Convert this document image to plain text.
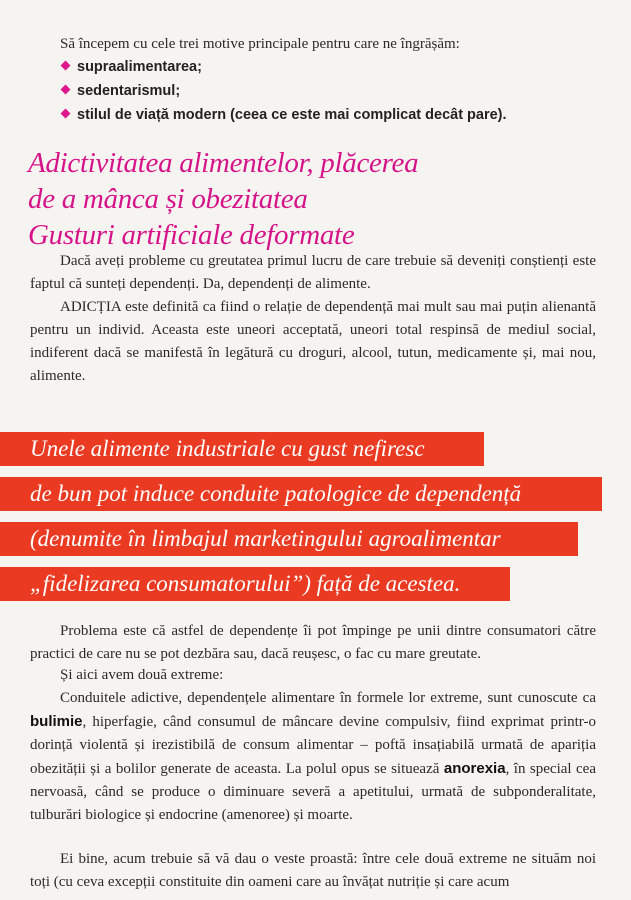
Să începem cu cele trei motive principale pentru care ne îngrășăm:

supraalimentarea;
sedentarismul;
stilul de viață modern (ceea ce este mai complicat decât pare).
Adictivitatea alimentelor, plăcerea
de a mânca și obezitatea
Gusturi artificiale deformate

Dacă aveți probleme cu greutatea primul lucru de care trebuie să deveniți conștienți este faptul că sunteți dependenți. Da, dependenți de alimente.

ADICȚIA este definită ca fiind o relație de dependență mai mult sau mai puțin alienantă pentru un individ. Aceasta este uneori acceptată, uneori total respinsă de mediul social, indiferent dacă se manifestă în legătură cu droguri, alcool, tutun, medicamente și, mai nou, alimente.

Unele alimente industriale cu gust nefiresc
de bun pot induce conduite patologice de dependență
(denumite în limbajul marketingului agroalimentar
„fidelizarea consumatorului”) față de acestea.

Problema este că astfel de dependențe îi pot împinge pe unii dintre consumatori către practici de care nu se pot dezbăra sau, dacă reușesc, o fac cu mare greutate.

Și aici avem două extreme:

Conduitele adictive, dependențele alimentare în formele lor extreme, sunt cunoscute ca bulimie, hiperfagie, când consumul de mâncare devine compulsiv, fiind exprimat printr-o dorință violentă și irezistibilă de consum alimentar – poftă insațiabilă urmată de apariția obezității și a bolilor generate de aceasta. La polul opus se situează anorexia, în special cea nervoasă, când se produce o diminuare severă a apetitului, urmată de subponderalitate, tulburări biologice și endocrine (amenoree) și moarte.

Ei bine, acum trebuie să vă dau o veste proastă: între cele două extreme ne situăm noi toți (cu ceva excepții constituite din oameni care au învățat nutriție și care acum
